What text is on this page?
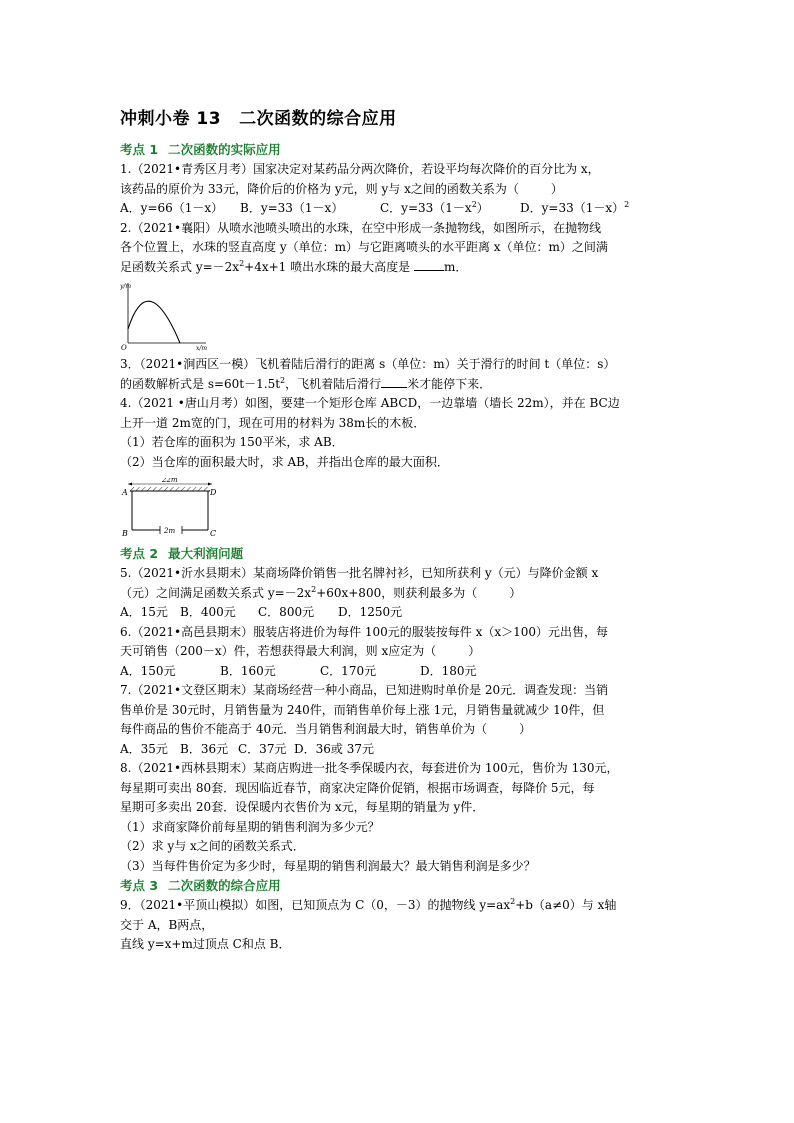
冲刺小卷 13 二次函数的综合应用
考点 1 二次函数的实际应用

1.（2021•青秀区月考）国家决定对某药品分两次降价，若设平均每次降价的百分比为 x，

该药品的原价为 33元，降价后的价格为 y元，则 y与 x之间的函数关系为（	）

A．y=66（1－x）	B．y=33（1－x）	C．$y=33(1-x^2)$	D．$y=33(1-x)^2$

2.（2021•襄阳）从喷水池喷头喷出的水珠，在空中形成一条抛物线，如图所示，在抛物线

各个位置上，水珠的竖直高度 y（单位：m）与它距离喷头的水平距离 x（单位：m）之间满

足函数关系式 $y=-2x^2+4x+1$ 喷出水珠的最大高度是	m．

y/m
x/m
O

3．（2021•涧西区一模）飞机着陆后滑行的距离 s（单位：m）关于滑行的时间 t（单位：s）

的函数解析式是 $s=60t-1.5t^2$，飞机着陆后滑行 米才能停下来．

4.（2021 •唐山月考）如图，要建一个矩形仓库 ABCD，一边靠墙（墙长 22m），并在 BC边

上开一道 2m宽的门，现在可用的材料为 38m长的木板．

（1）若仓库的面积为 150平米，求 AB．

（2）当仓库的面积最大时，求 AB，并指出仓库的最大面积．

22m
2m
A	D
B	C
考点 2 最大利润问题

5.（2021•沂水县期末）某商场降价销售一批名牌衬衫，已知所获利 y（元）与降价金额 x

（元）之间满足函数关系式 $y=-2x^2+60x+800$，则获利最多为（	）

A．15元	B．400元	C．800元	D．1250元

6.（2021•高邑县期末）服装店将进价为每件 100元的服装按每件 x（x＞100）元出售，每

天可销售（200－x）件，若想获得最大利润，则 x应定为（	）

A．150元	B．160元	C．170元	D．180元

7.（2021•文登区期末）某商场经营一种小商品，已知进购时单价是 20元．调查发现：当销

售单价是 30元时，月销售量为 240件，而销售单价每上涨 1元，月销售量就减少 10件，但

每件商品的售价不能高于 40元．当月销售利润最大时，销售单价为（	）

A．35元	B．36元 C．37元 D．36或 37元

8.（2021•西林县期末）某商店购进一批冬季保暖内衣，每套进价为 100元，售价为 130元，

每星期可卖出 80套．现因临近春节，商家决定降价促销，根据市场调查，每降价 5元，每

星期可多卖出 20套．设保暖内衣售价为 x元，每星期的销量为 y件．

（1）求商家降价前每星期的销售利润为多少元？

（2）求 y与 x之间的函数关系式．

（3）当每件售价定为多少时，每星期的销售利润最大？最大销售利润是多少？

考点 3 二次函数的综合应用

9．（2021•平顶山模拟）如图，已知顶点为 C（0，－3）的抛物线 $y=ax^2+b(a\ne 0)$与 x轴

交于 A，B两点，

直线 y=x+m过顶点 C和点 B．
